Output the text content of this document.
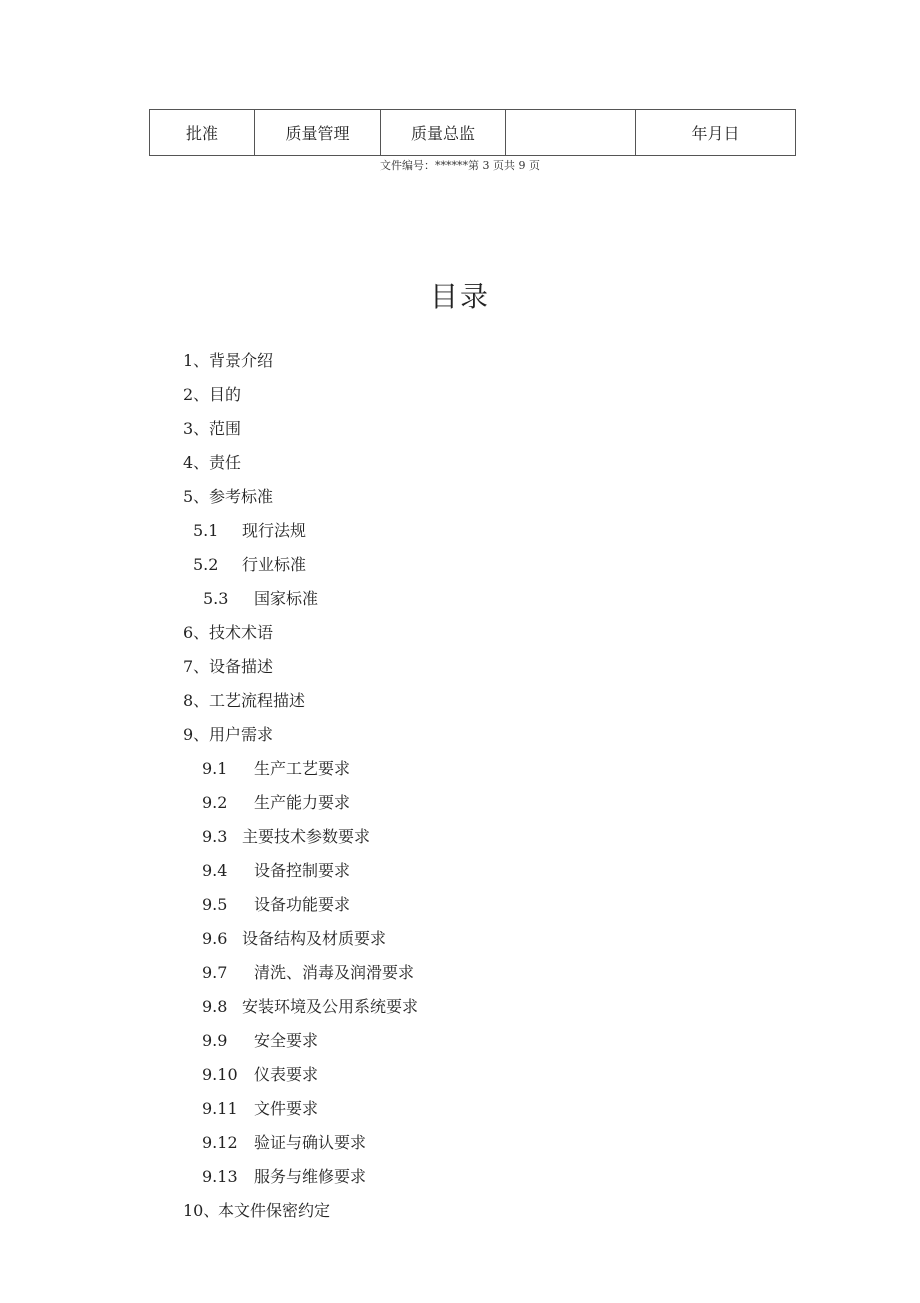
批准	质量管理	质量总监		年月日
文件编号：******第 3 页共 9 页
目录
1、 背景介绍
2、 目的
3、 范围
4、 责任
5、 参考标准
5.1 现行法规
5.2 行业标准
5.3 国家标准
6、 技术术语
7、 设备描述
8、 工艺流程描述
9、 用户需求
9.1 生产工艺要求
9.2 生产能力要求
9.3 主要技术参数要求
9.4 设备控制要求
9.5 设备功能要求
9.6 设备结构及材质要求
9.7 清洗、消毒及润滑要求
9.8 安装环境及公用系统要求
9.9 安全要求
9.10 仪表要求
9.11 文件要求
9.12 验证与确认要求
9.13 服务与维修要求
10、
本文件保密约定
